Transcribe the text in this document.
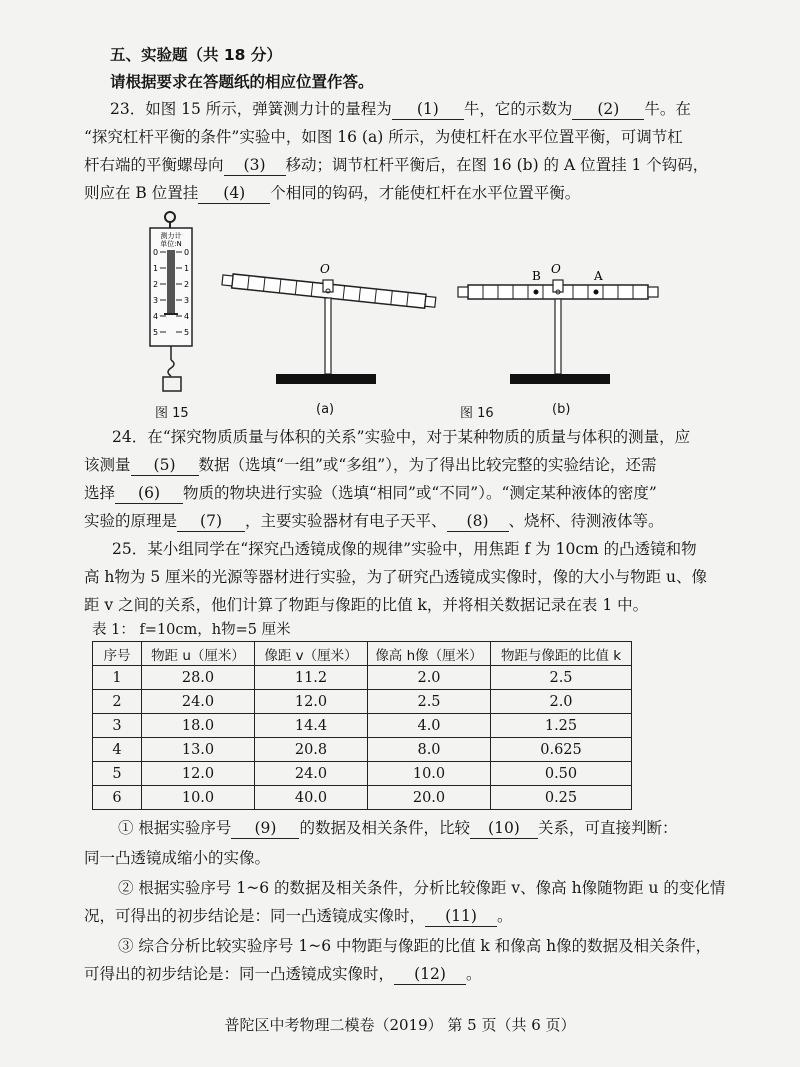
五、实验题（共 18 分）
请根据要求在答题纸的相应位置作答。
23．如图 15 所示，弹簧测力计的量程为 (1) 牛，它的示数为 (2) 牛。在
“探究杠杆平衡的条件”实验中，如图 16 (a) 所示，为使杠杆在水平位置平衡，可调节杠
杆右端的平衡螺母向 (3) 移动；调节杠杆平衡后，在图 16 (b) 的 A 位置挂 1 个钩码，
则应在 B 位置挂 (4) 个相同的钩码，才能使杠杆在水平位置平衡。
测力计
单位:N
0	0
1	1
2	2
3	3
4	4
5	5
O	O
B	A
图 15	(a)	图 16	(b)
24．在“探究物质质量与体积的关系”实验中，对于某种物质的质量与体积的测量，应
该测量 (5) 数据（选填“一组”或“多组”），为了得出比较完整的实验结论，还需
选择 (6) 物质的物块进行实验（选填“相同”或“不同”）。“测定某种液体的密度”
实验的原理是 (7) ，主要实验器材有电子天平、 (8) 、烧杯、待测液体等。
25．某小组同学在“探究凸透镜成像的规律”实验中，用焦距 f 为 10cm 的凸透镜和物
高 h物为 5 厘米的光源等器材进行实验，为了研究凸透镜成实像时，像的大小与物距 u、像
距 v 之间的关系，他们计算了物距与像距的比值 k，并将相关数据记录在表 1 中。
表 1： f=10cm，h物=5 厘米
序号	物距 u（厘米）	像距 v（厘米）	像高 h像（厘米）	物距与像距的比值 k
1	28.0	11.2	2.0	2.5
2	24.0	12.0	2.5	2.0
3	18.0	14.4	4.0	1.25
4	13.0	20.8	8.0	0.625
5	12.0	24.0	10.0	0.50
6	10.0	40.0	20.0	0.25
① 根据实验序号 (9) 的数据及相关条件，比较 (10) 关系，可直接判断：
同一凸透镜成缩小的实像。
② 根据实验序号 1~6 的数据及相关条件，分析比较像距 v、像高 h像随物距 u 的变化情
况，可得出的初步结论是：同一凸透镜成实像时， (11) 。
③ 综合分析比较实验序号 1~6 中物距与像距的比值 k 和像高 h像的数据及相关条件，
可得出的初步结论是：同一凸透镜成实像时， (12) 。
普陀区中考物理二模卷（2019） 第 5 页（共 6 页）
